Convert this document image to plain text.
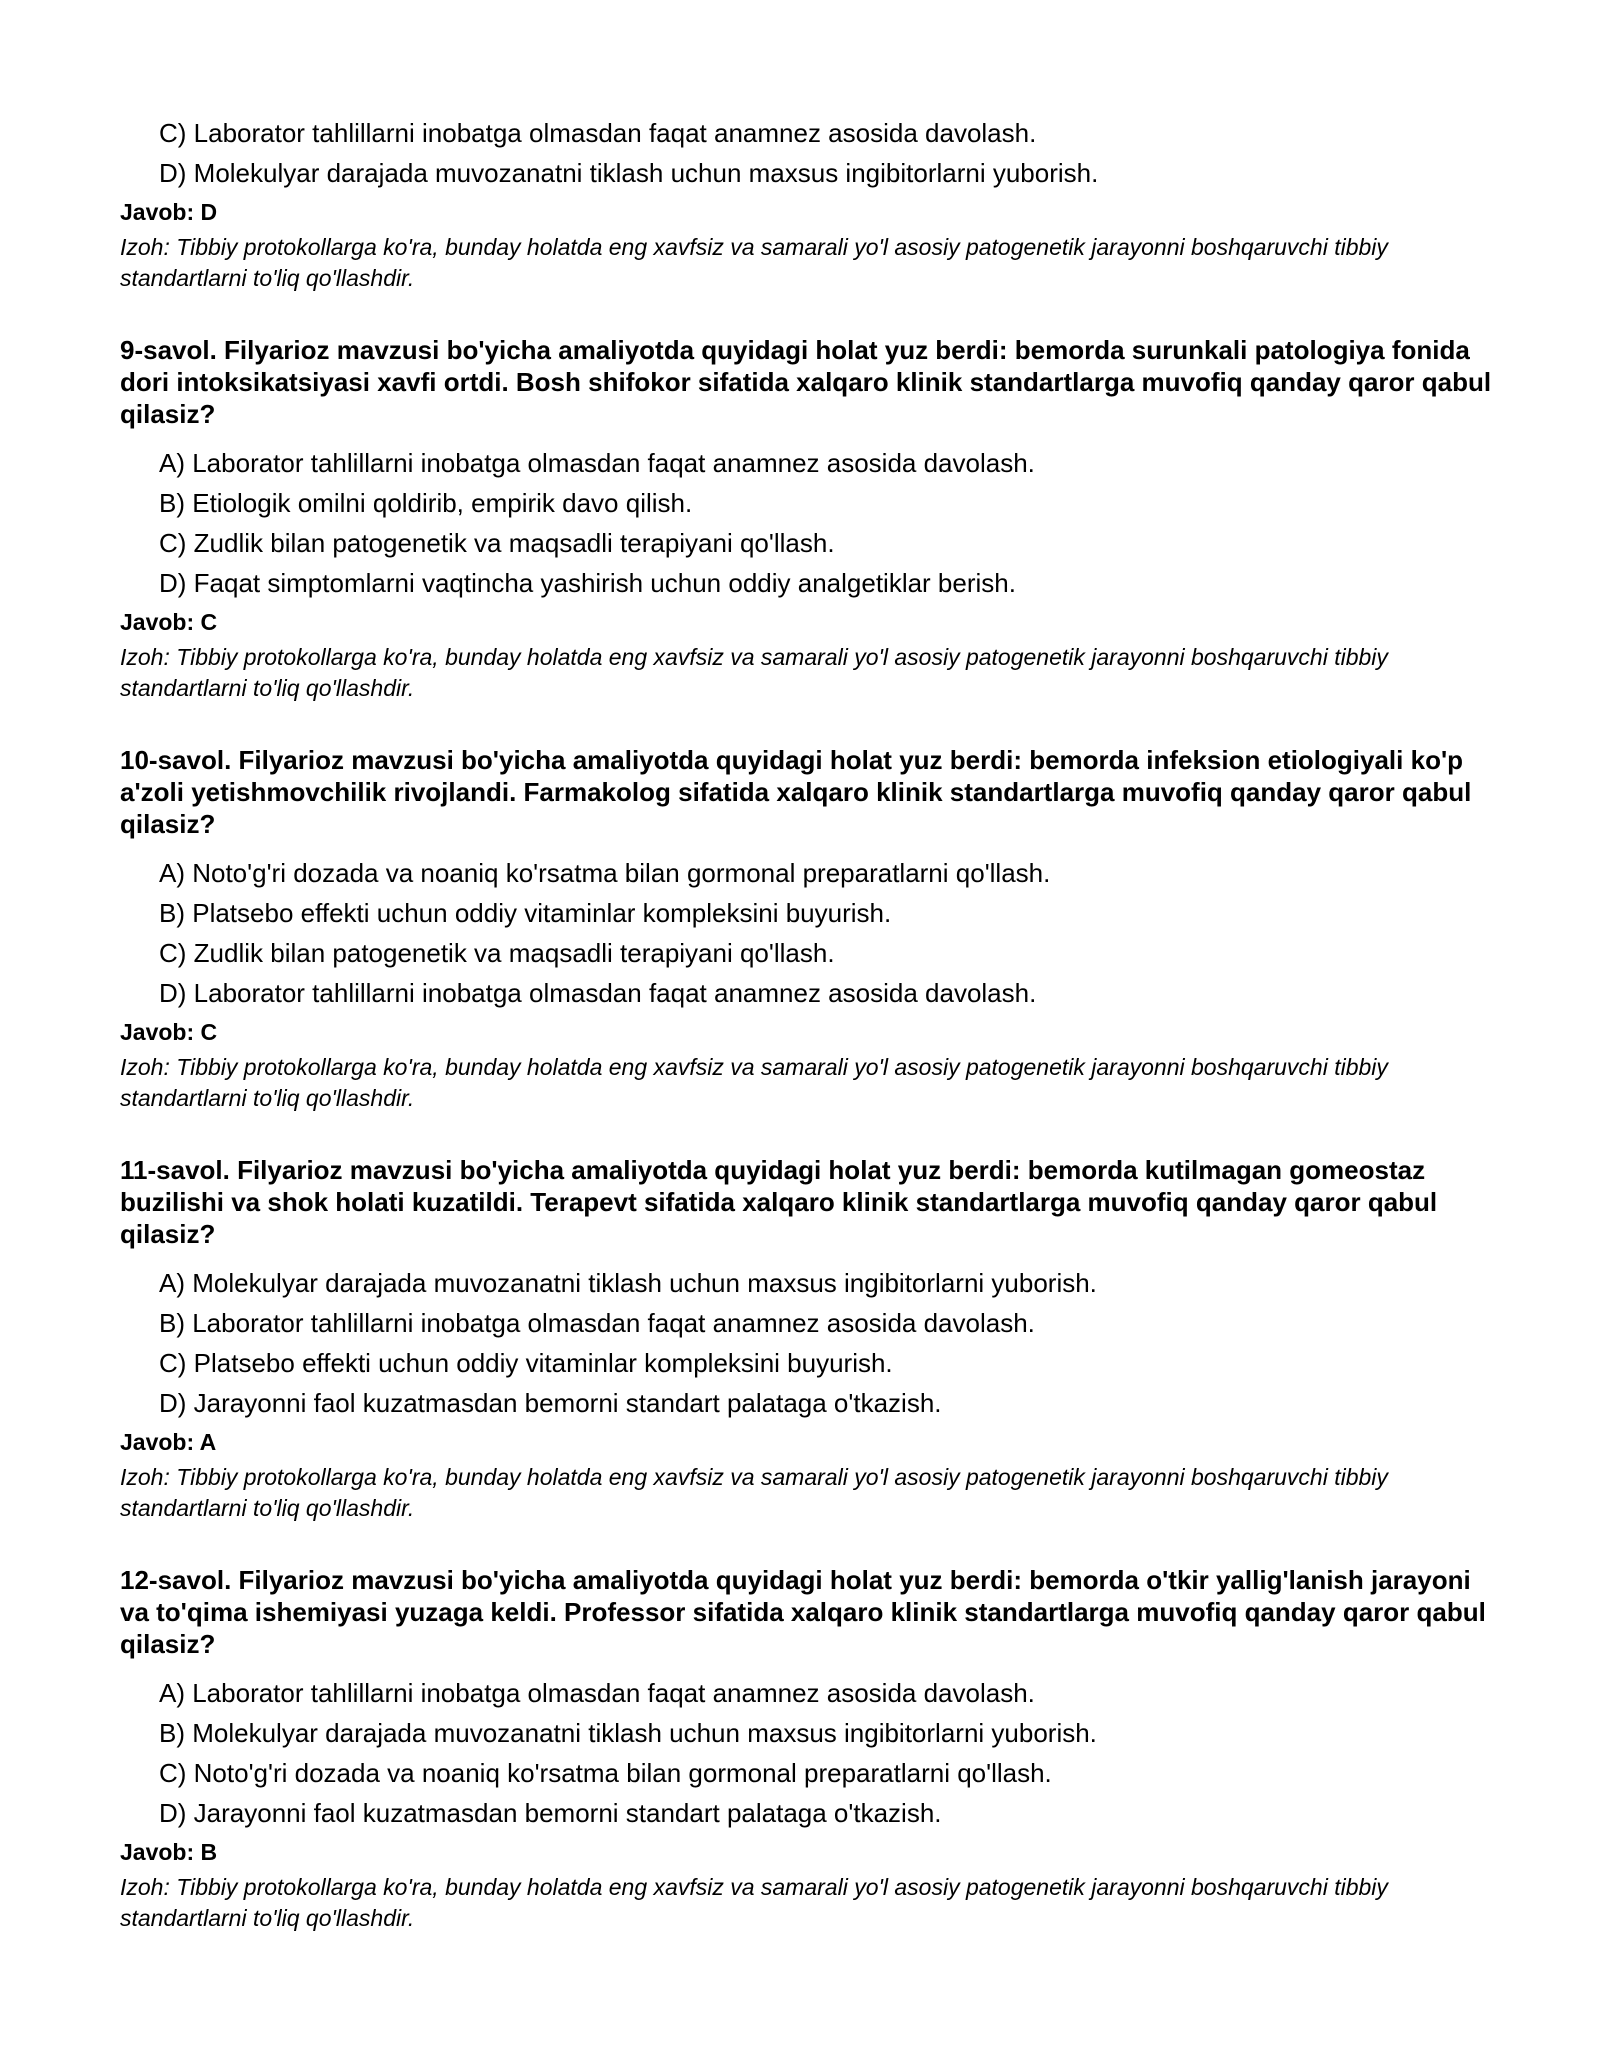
C) Laborator tahlillarni inobatga olmasdan faqat anamnez asosida davolash.
D) Molekulyar darajada muvozanatni tiklash uchun maxsus ingibitorlarni yuborish.
Javob: D

Izoh: Tibbiy protokollarga ko'ra, bunday holatda eng xavfsiz va samarali yo'l asosiy patogenetik jarayonni boshqaruvchi tibbiy standartlarni to'liq qo'llashdir.

9-savol. Filyarioz mavzusi bo'yicha amaliyotda quyidagi holat yuz berdi: bemorda surunkali patologiya fonida dori intoksikatsiyasi xavfi ortdi. Bosh shifokor sifatida xalqaro klinik standartlarga muvofiq qanday qaror qabul qilasiz?

A) Laborator tahlillarni inobatga olmasdan faqat anamnez asosida davolash.
B) Etiologik omilni qoldirib, empirik davo qilish.
C) Zudlik bilan patogenetik va maqsadli terapiyani qo'llash.
D) Faqat simptomlarni vaqtincha yashirish uchun oddiy analgetiklar berish.
Javob: C

Izoh: Tibbiy protokollarga ko'ra, bunday holatda eng xavfsiz va samarali yo'l asosiy patogenetik jarayonni boshqaruvchi tibbiy standartlarni to'liq qo'llashdir.

10-savol. Filyarioz mavzusi bo'yicha amaliyotda quyidagi holat yuz berdi: bemorda infeksion etiologiyali ko'p a'zoli yetishmovchilik rivojlandi. Farmakolog sifatida xalqaro klinik standartlarga muvofiq qanday qaror qabul qilasiz?

A) Noto'g'ri dozada va noaniq ko'rsatma bilan gormonal preparatlarni qo'llash.
B) Platsebo effekti uchun oddiy vitaminlar kompleksini buyurish.
C) Zudlik bilan patogenetik va maqsadli terapiyani qo'llash.
D) Laborator tahlillarni inobatga olmasdan faqat anamnez asosida davolash.
Javob: C

Izoh: Tibbiy protokollarga ko'ra, bunday holatda eng xavfsiz va samarali yo'l asosiy patogenetik jarayonni boshqaruvchi tibbiy standartlarni to'liq qo'llashdir.

11-savol. Filyarioz mavzusi bo'yicha amaliyotda quyidagi holat yuz berdi: bemorda kutilmagan gomeostaz buzilishi va shok holati kuzatildi. Terapevt sifatida xalqaro klinik standartlarga muvofiq qanday qaror qabul qilasiz?

A) Molekulyar darajada muvozanatni tiklash uchun maxsus ingibitorlarni yuborish.
B) Laborator tahlillarni inobatga olmasdan faqat anamnez asosida davolash.
C) Platsebo effekti uchun oddiy vitaminlar kompleksini buyurish.
D) Jarayonni faol kuzatmasdan bemorni standart palataga o'tkazish.
Javob: A

Izoh: Tibbiy protokollarga ko'ra, bunday holatda eng xavfsiz va samarali yo'l asosiy patogenetik jarayonni boshqaruvchi tibbiy standartlarni to'liq qo'llashdir.

12-savol. Filyarioz mavzusi bo'yicha amaliyotda quyidagi holat yuz berdi: bemorda o'tkir yallig'lanish jarayoni va to'qima ishemiyasi yuzaga keldi. Professor sifatida xalqaro klinik standartlarga muvofiq qanday qaror qabul qilasiz?

A) Laborator tahlillarni inobatga olmasdan faqat anamnez asosida davolash.
B) Molekulyar darajada muvozanatni tiklash uchun maxsus ingibitorlarni yuborish.
C) Noto'g'ri dozada va noaniq ko'rsatma bilan gormonal preparatlarni qo'llash.
D) Jarayonni faol kuzatmasdan bemorni standart palataga o'tkazish.
Javob: B

Izoh: Tibbiy protokollarga ko'ra, bunday holatda eng xavfsiz va samarali yo'l asosiy patogenetik jarayonni boshqaruvchi tibbiy standartlarni to'liq qo'llashdir.
